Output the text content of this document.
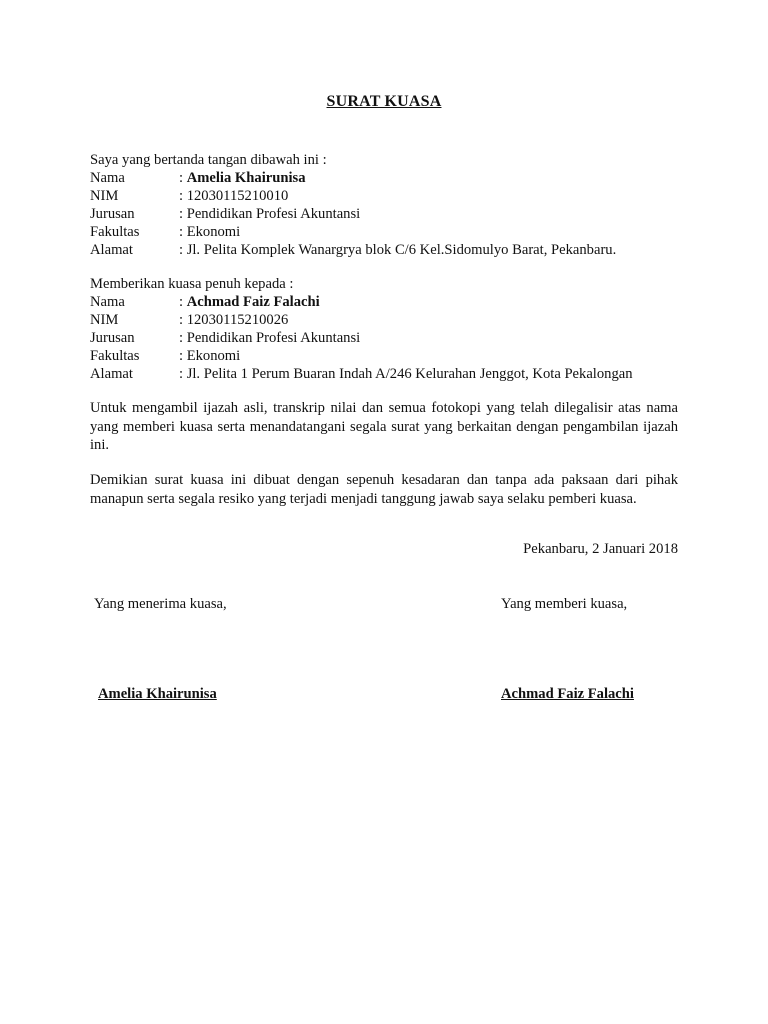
SURAT KUASA
Saya yang bertanda tangan dibawah ini :
Nama	: Amelia Khairunisa
NIM	: 12030115210010
Jurusan	: Pendidikan Profesi Akuntansi
Fakultas	: Ekonomi
Alamat	: Jl. Pelita Komplek Wanargrya blok C/6 Kel.Sidomulyo Barat, Pekanbaru.
Memberikan kuasa penuh kepada :
Nama	: Achmad Faiz Falachi
NIM	: 12030115210026
Jurusan	: Pendidikan Profesi Akuntansi
Fakultas	: Ekonomi
Alamat	: Jl. Pelita 1 Perum Buaran Indah A/246 Kelurahan Jenggot, Kota Pekalongan
Untuk mengambil ijazah asli, transkrip nilai dan semua fotokopi yang telah dilegalisir atas nama yang memberi kuasa serta menandatangani segala surat yang berkaitan dengan pengambilan ijazah ini.
Demikian surat kuasa ini dibuat dengan sepenuh kesadaran dan tanpa ada paksaan dari pihak manapun serta segala resiko yang terjadi menjadi tanggung jawab saya selaku pemberi kuasa.
Pekanbaru, 2 Januari 2018
Yang menerima kuasa,	Yang memberi kuasa,
Amelia Khairunisa	Achmad Faiz Falachi
